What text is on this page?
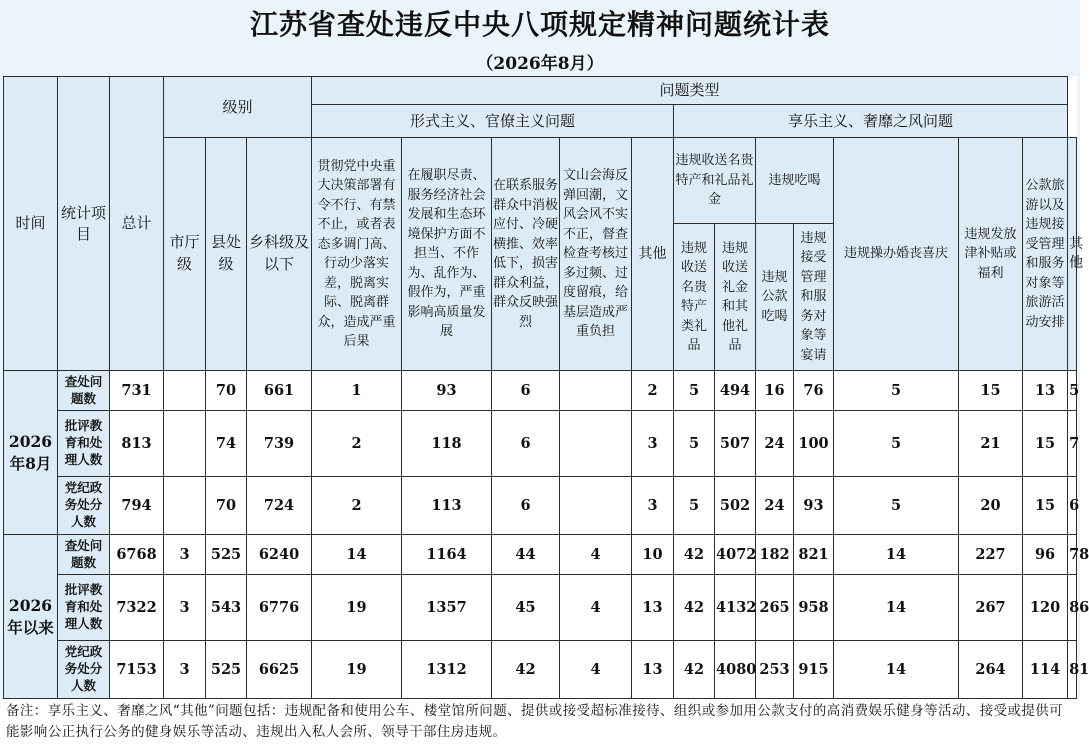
江苏省查处违反中央八项规定精神问题统计表
（2026年8月）
时间	统计项目	总计	级别			问题类型												
						形式主义、官僚主义问题					享乐主义、奢靡之风问题							
			市厅级	县处级	乡科级及以下	贯彻党中央重大决策部署有令不行、有禁不止，或者表态多调门高、行动少落实差，脱离实际、脱离群众，造成严重后果	在履职尽责、服务经济社会发展和生态环境保护方面不担当、不作为、乱作为、假作为，严重影响高质量发展	在联系服务群众中消极应付、冷硬横推、效率低下，损害群众利益，群众反映强烈	文山会海反弹回潮，文风会风不实不正，督查检查考核过多过频、过度留痕，给基层造成严重负担	其他	违规收送名贵特产和礼品礼金		违规吃喝		违规操办婚丧喜庆	违规发放津补贴或福利	公款旅游以及违规接受管理和服务对象等旅游活动安排	其他
											违规收送名贵特产类礼品	违规收送礼金和其他礼品	违规公款吃喝	违规接受管理和服务对象等宴请				
2026年8月	查处问题数	731		70	661	1	93	6		2	5	494	16	76	5	15	13	5
	批评教育和处理人数	813		74	739	2	118	6		3	5	507	24	100	5	21	15	7
	党纪政务处分人数	794		70	724	2	113	6		3	5	502	24	93	5	20	15	6
2026年以来	查处问题数	6768	3	525	6240	14	1164	44	4	10	42	4072	182	821	14	227	96	78
	批评教育和处理人数	7322	3	543	6776	19	1357	45	4	13	42	4132	265	958	14	267	120	86
	党纪政务处分人数	7153	3	525	6625	19	1312	42	4	13	42	4080	253	915	14	264	114	81
备注：享乐主义、奢靡之风“其他”问题包括：违规配备和使用公车、楼堂馆所问题、提供或接受超标准接待、组织或参加用公款支付的高消费娱乐健身等活动、接受或提供可能影响公正执行公务的健身娱乐等活动、违规出入私人会所、领导干部住房违规。
